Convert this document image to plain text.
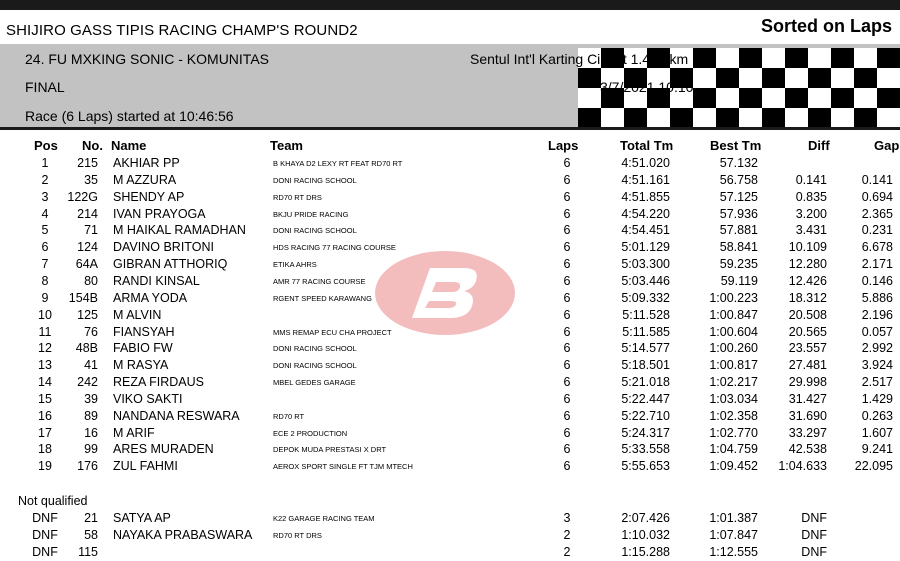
SHIJIRO GASS TIPIS RACING CHAMP'S ROUND2	Sorted on Laps
24. FU MXKING SONIC - KOMUNITAS
FINAL
Race (6 Laps) started at 10:46:56
Sentul Int'l Karting Circuit 1.400 km
3/7/2021 10:10
Pos No. Name	Team	Laps	Total Tm	Best Tm	Diff	Gap
1	215 AKHIAR PP	B KHAYA D2 LEXY RT FEAT RD70 RT	6	4:51.020	57.132
2	35 M AZZURA	DONI RACING SCHOOL	6	4:51.161	56.758	0.141	0.141
3	122G SHENDY AP	RD70 RT DRS	6	4:51.855	57.125	0.835	0.694
4	214 IVAN PRAYOGA	BKJU PRIDE RACING	6	4:54.220	57.936	3.200	2.365
5	71 M HAIKAL RAMADHAN	DONI RACING SCHOOL	6	4:54.451	57.881	3.431	0.231
6	124 DAVINO BRITONI	HDS RACING 77 RACING COURSE	6	5:01.129	58.841	10.109	6.678
7	64A GIBRAN ATTHORIQ	ETIKA AHRS	6	5:03.300	59.235	12.280	2.171
8	80 RANDI KINSAL	AMR 77 RACING COURSE	6	5:03.446	59.119	12.426	0.146
9	154B ARMA YODA	RGENT SPEED KARAWANG	6	5:09.332	1:00.223	18.312	5.886
10	125 M ALVIN	6	5:11.528	1:00.847	20.508	2.196
11	76 FIANSYAH	MMS REMAP ECU CHA PROJECT	6	5:11.585	1:00.604	20.565	0.057
12	48B FABIO FW	DONI RACING SCHOOL	6	5:14.577	1:00.260	23.557	2.992
13	41 M RASYA	DONI RACING SCHOOL	6	5:18.501	1:00.817	27.481	3.924
14	242 REZA FIRDAUS	MBEL GEDES GARAGE	6	5:21.018	1:02.217	29.998	2.517
15	39 VIKO SAKTI	6	5:22.447	1:03.034	31.427	1.429
16	89 NANDANA RESWARA	RD70 RT	6	5:22.710	1:02.358	31.690	0.263
17	16 M ARIF	ECE 2 PRODUCTION	6	5:24.317	1:02.770	33.297	1.607
18	99 ARES MURADEN	DEPOK MUDA PRESTASI X DRT	6	5:33.558	1:04.759	42.538	9.241
19	176 ZUL FAHMI	AEROX SPORT SINGLE FT TJM MTECH	6	5:55.653	1:09.452	1:04.633	22.095
Not qualified
DNF	21 SATYA AP	K22 GARAGE RACING TEAM	3	2:07.426	1:01.387	DNF
DNF	58 NAYAKA PRABASWARA	RD70 RT DRS	2	1:10.032	1:07.847	DNF
DNF	115	2	1:15.288	1:12.555	DNF
